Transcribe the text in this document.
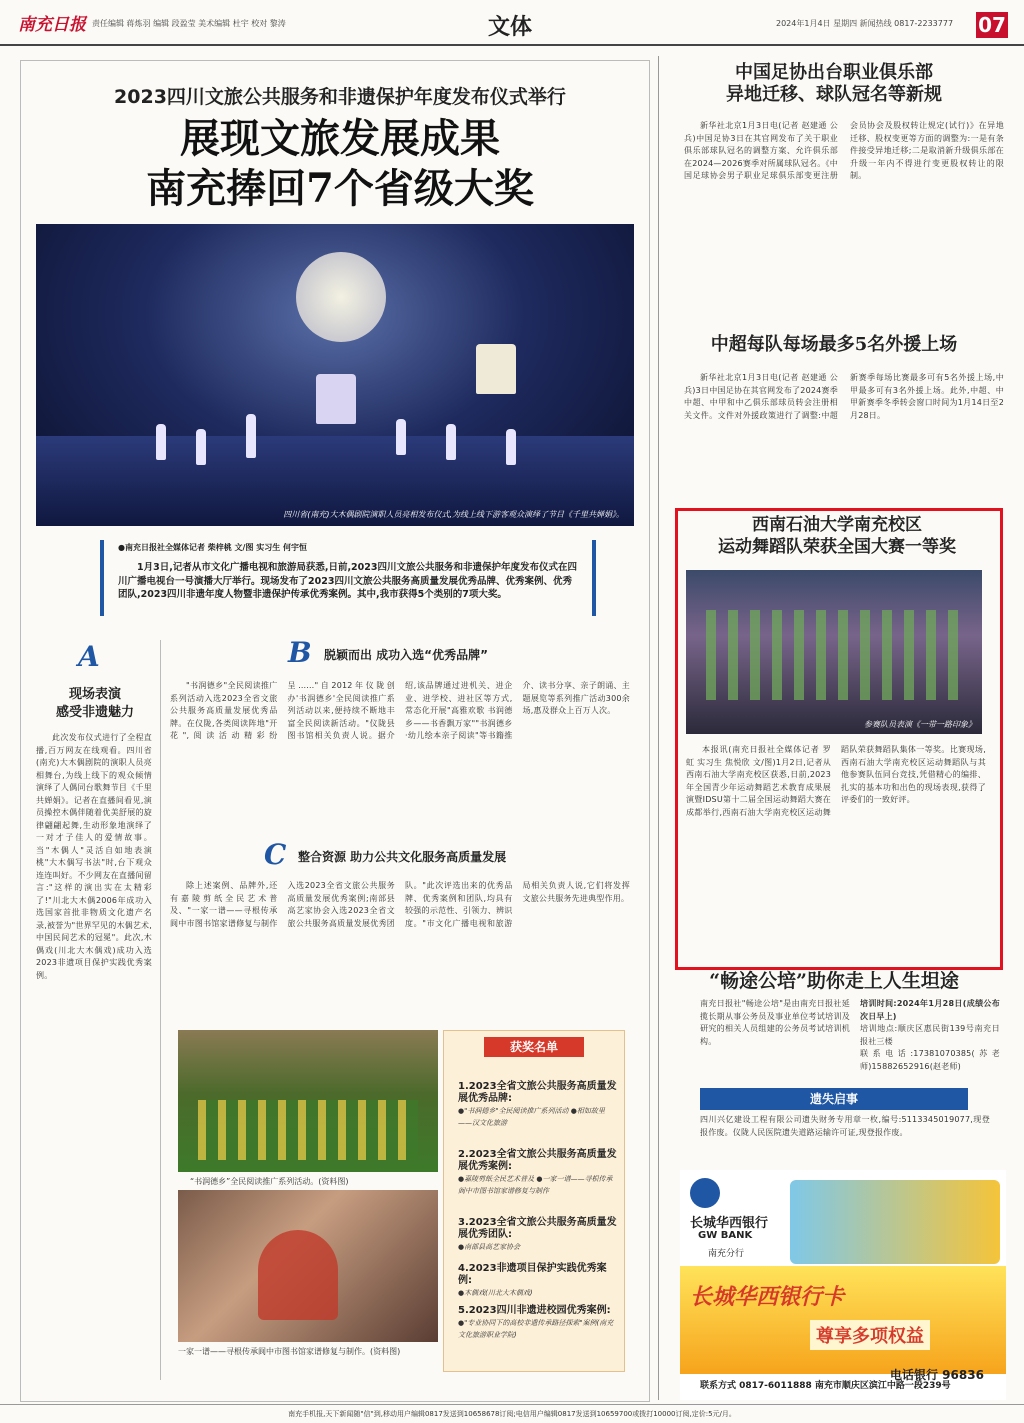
南充日报 责任编辑 蒋炼羽 编辑 段盈莹 美术编辑 杜宇 校对 黎涛	文体	2024年1月4日 星期四 新闻热线 0817-2233777 07
2023四川文旅公共服务和非遗保护年度发布仪式举行
展现文旅发展成果
南充捧回7个省级大奖
四川省(南充)大木偶剧院演职人员亮相发布仪式,为线上线下游客观众演绎了节目《千里共婵娟》。
●南充日报社全媒体记者 柴梓桃 文/图 实习生 何宇恒
1月3日,记者从市文化广播电视和旅游局获悉,日前,2023四川文旅公共服务和非遗保护年度发布仪式在四川广播电视台一号演播大厅举行。现场发布了2023四川文旅公共服务高质量发展优秀品牌、优秀案例、优秀团队,2023四川非遗年度人物暨非遗保护传承优秀案例。其中,我市获得5个类别的7项大奖。
A
现场表演
感受非遗魅力

此次发布仪式进行了全程直播,百万网友在线观看。四川省(南充)大木偶剧院的演职人员亮相舞台,为线上线下的观众倾情演绎了人偶同台歌舞节目《千里共婵娟》。记者在直播间看见,演员操控木偶伴随着优美舒展的旋律翩翩起舞,生动形象地演绎了一对才子佳人的爱情故事。当"木偶人"灵活自如地表演桃"大木偶写书法"时,台下观众连连叫好。不少网友在直播间留言:"这样的演出实在太精彩了!"川北大木偶2006年成功入选国家首批非物质文化遗产名录,被誉为"世界罕见的木偶艺术,中国民间艺术的冠冕"。此次,木偶戏(川北大木偶戏)成功入选2023非遗项目保护实践优秀案例。

B 脱颖而出 成功入选“优秀品牌”

"书润德乡"全民阅读推广系列活动入选2023全省文旅公共服务高质量发展优秀品牌。在仪陇,各类阅读阵地"开花",阅读活动精彩纷呈……"自2012年仪陇创办'书润德乡'全民阅读推广系列活动以来,便持续不断地丰富全民阅读新活动。"仪陇县图书馆相关负责人说。据介绍,该品牌通过进机关、进企业、进学校、进社区等方式,常态化开展"高雅欢歌 书润德乡——书香飘万家""书润德乡·幼儿绘本亲子阅读"等书籍推介、读书分享、亲子朗诵、主题展览等系列推广活动300余场,惠及群众上百万人次。

C 整合资源 助力公共文化服务高质量发展

除上述案例、品牌外,还有嘉陵剪纸全民艺术普及、"一家一谱——寻根传承阆中市图书馆家谱修复与制作入选2023全省文旅公共服务高质量发展优秀案例;南部县高艺家协会入选2023全省文旅公共服务高质量发展优秀团队。"此次评选出来的优秀品牌、优秀案例和团队,均具有较强的示范性、引领力、辨识度。"市文化广播电视和旅游局相关负责人说,它们将发挥文旅公共服务先进典型作用。

“书润德乡”全民阅读推广系列活动。(资料图)
一家一谱——寻根传承阆中市图书馆家谱修复与制作。(资料图)
获奖名单
1.2023全省文旅公共服务高质量发展优秀品牌:
●"书润德乡"全民阅读推广系列活动 ●相如故里——汉文化旅游
2.2023全省文旅公共服务高质量发展优秀案例:
●嘉陵剪纸全民艺术普及 ●一家一谱——寻根传承阆中市图书馆家谱修复与制作
3.2023全省文旅公共服务高质量发展优秀团队:
●南部县高艺家协会
4.2023非遗项目保护实践优秀案例:
●木偶戏(川北大木偶戏)
5.2023四川非遗进校园优秀案例:
●"专业协同下的高校非遗传承路径探索"案例(南充文化旅游职业学院)
中国足协出台职业俱乐部
异地迁移、球队冠名等新规

新华社北京1月3日电(记者 赵建通 公兵)中国足协3日在其官网发布了关于职业俱乐部球队冠名的调整方案、允许俱乐部在2024—2026赛季对所属球队冠名。《中国足球协会男子职业足球俱乐部变更注册会员协会及股权转让规定(试行)》在异地迁移、股权变更等方面的调整为:一是有条件接受异地迁移;二是取消新升级俱乐部在升级一年内不得进行变更股权转让的限制。

中超每队每场最多5名外援上场

新华社北京1月3日电(记者 赵建通 公兵)3日中国足协在其官网发布了2024赛季中超、中甲和中乙俱乐部球员转会注册相关文件。文件对外援政策进行了调整:中超新赛季每场比赛最多可有5名外援上场,中甲最多可有3名外援上场。此外,中超、中甲新赛季冬季转会窗口时间为1月14日至2月28日。

西南石油大学南充校区
运动舞蹈队荣获全国大赛一等奖
参赛队员表演《一带一路印象》

本报讯(南充日报社全媒体记者 罗虹 实习生 焦悦欣 文/图)1月2日,记者从西南石油大学南充校区获悉,日前,2023年全国青少年运动舞蹈艺术教育成果展演暨IDSU第十二届全国运动舞蹈大赛在成都举行,西南石油大学南充校区运动舞蹈队荣获舞蹈队集体一等奖。比赛现场,西南石油大学南充校区运动舞蹈队与其他参赛队伍同台竞技,凭借精心的编排、扎实的基本功和出色的现场表现,获得了评委们的一致好评。

“畅途公培”助你走上人生坦途
南充日报社"畅途公培"是由南充日报社延揽长期从事公务员及事业单位考试培训及研究的相关人员组建的公务员考试培训机构。
培训时间:2024年1月28日(成绩公布次日早上)
培训地点:顺庆区惠民街139号南充日报社三楼
联系电话:17381070385(苏老师)15882652916(赵老师)
遗失启事
四川兴亿建设工程有限公司遗失财务专用章一枚,编号:5113345019077,现登报作废。仪陇人民医院遗失道路运输许可证,现登报作废。
长城华西银行
GW BANK
南充分行
长城华西银行卡
尊享多项权益
联系方式 0817-6011888 南充市顺庆区滨江中路一段239号
电话银行 96836
南充手机报,天下新闻随"信"到,移动用户编辑0817发送到10658678订阅;电信用户编辑0817发送到10659700或拨打10000订阅,定价:5元/月。
